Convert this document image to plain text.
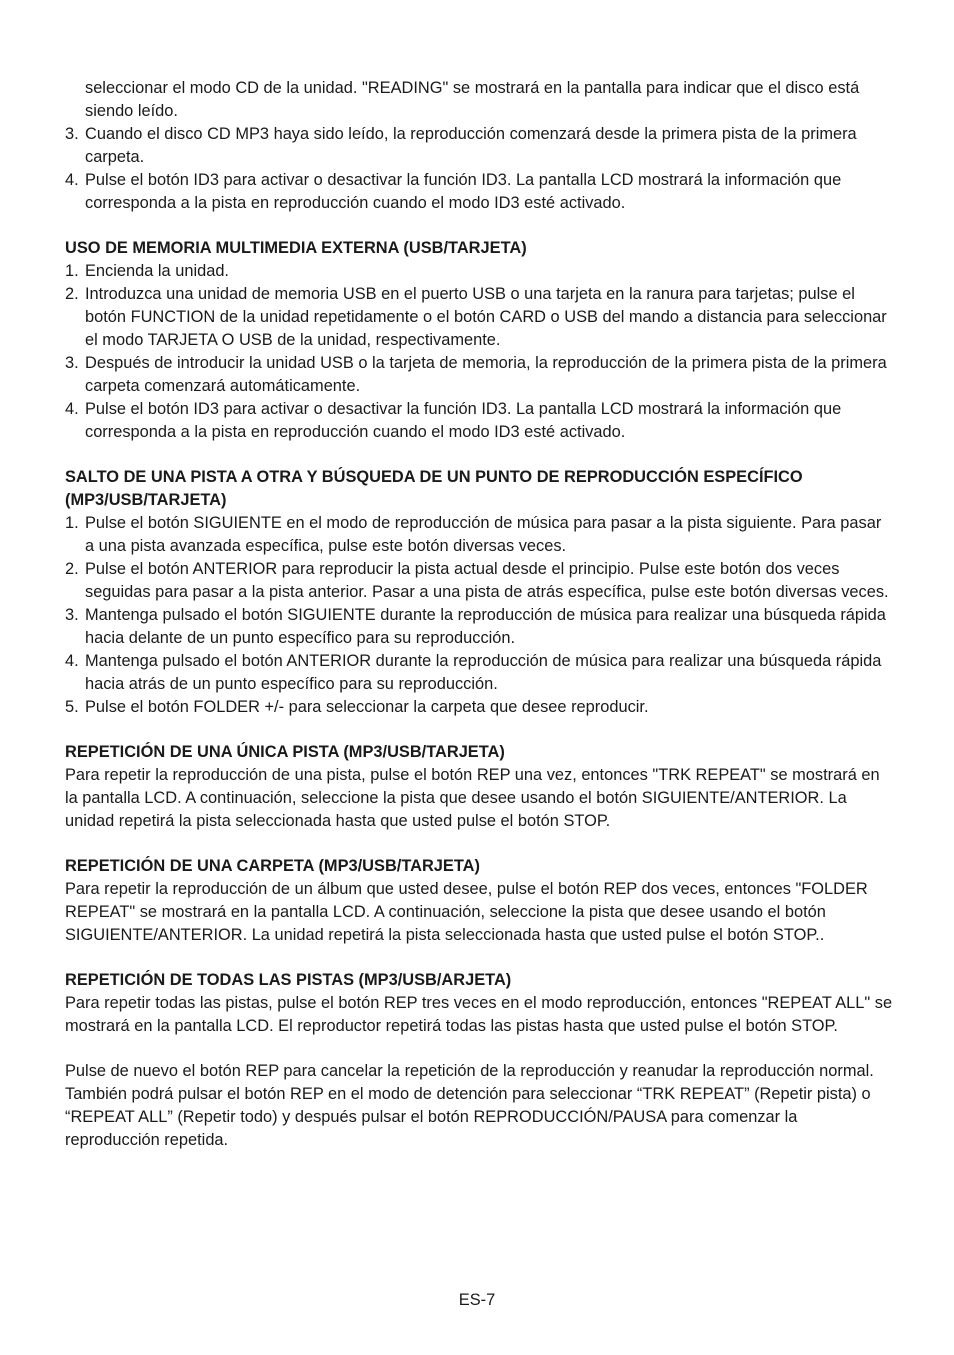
seleccionar el modo CD de la unidad. "READING" se mostrará en la pantalla para indicar que el disco está siendo leído.

3. Cuando el disco CD MP3 haya sido leído, la reproducción comenzará desde la primera pista de la primera carpeta.
4. Pulse el botón ID3 para activar o desactivar la función ID3. La pantalla LCD mostrará la información que corresponda a la pista en reproducción cuando el modo ID3 esté activado.

USO DE MEMORIA MULTIMEDIA EXTERNA (USB/TARJETA)

1. Encienda la unidad.
2. Introduzca una unidad de memoria USB en el puerto USB o una tarjeta en la ranura para tarjetas; pulse el botón FUNCTION de la unidad repetidamente o el botón CARD o USB del mando a distancia para seleccionar el modo TARJETA O USB de la unidad, respectivamente.
3. Después de introducir la unidad USB o la tarjeta de memoria, la reproducción de la primera pista de la primera carpeta comenzará automáticamente.
4. Pulse el botón ID3 para activar o desactivar la función ID3. La pantalla LCD mostrará la información que corresponda a la pista en reproducción cuando el modo ID3 esté activado.

SALTO DE UNA PISTA A OTRA Y BÚSQUEDA DE UN PUNTO DE REPRODUCCIÓN ESPECÍFICO (MP3/USB/TARJETA)

1. Pulse el botón SIGUIENTE en el modo de reproducción de música para pasar a la pista siguiente. Para pasar a una pista avanzada específica, pulse este botón diversas veces.
2. Pulse el botón ANTERIOR para reproducir la pista actual desde el principio. Pulse este botón dos veces seguidas para pasar a la pista anterior. Pasar a una pista de atrás específica, pulse este botón diversas veces.
3. Mantenga pulsado el botón SIGUIENTE durante la reproducción de música para realizar una búsqueda rápida hacia delante de un punto específico para su reproducción.
4. Mantenga pulsado el botón ANTERIOR durante la reproducción de música para realizar una búsqueda rápida hacia atrás de un punto específico para su reproducción.
5. Pulse el botón FOLDER +/- para seleccionar la carpeta que desee reproducir.

REPETICIÓN DE UNA ÚNICA PISTA (MP3/USB/TARJETA)

Para repetir la reproducción de una pista, pulse el botón REP una vez, entonces "TRK REPEAT" se mostrará en la pantalla LCD. A continuación, seleccione la pista que desee usando el botón SIGUIENTE/ANTERIOR. La unidad repetirá la pista seleccionada hasta que usted pulse el botón STOP.

REPETICIÓN DE UNA CARPETA (MP3/USB/TARJETA)

Para repetir la reproducción de un álbum que usted desee, pulse el botón REP dos veces, entonces "FOLDER REPEAT" se mostrará en la pantalla LCD. A continuación, seleccione la pista que desee usando el botón SIGUIENTE/ANTERIOR. La unidad repetirá la pista seleccionada hasta que usted pulse el botón STOP..

REPETICIÓN DE TODAS LAS PISTAS (MP3/USB/ARJETA)

Para repetir todas las pistas, pulse el botón REP tres veces en el modo reproducción, entonces "REPEAT ALL" se mostrará en la pantalla LCD. El reproductor repetirá todas las pistas hasta que usted pulse el botón STOP.

Pulse de nuevo el botón REP para cancelar la repetición de la reproducción y reanudar la reproducción normal. También podrá pulsar el botón REP en el modo de detención para seleccionar “TRK REPEAT” (Repetir pista) o “REPEAT ALL” (Repetir todo) y después pulsar el botón REPRODUCCIÓN/PAUSA para comenzar la reproducción repetida.

ES-7
